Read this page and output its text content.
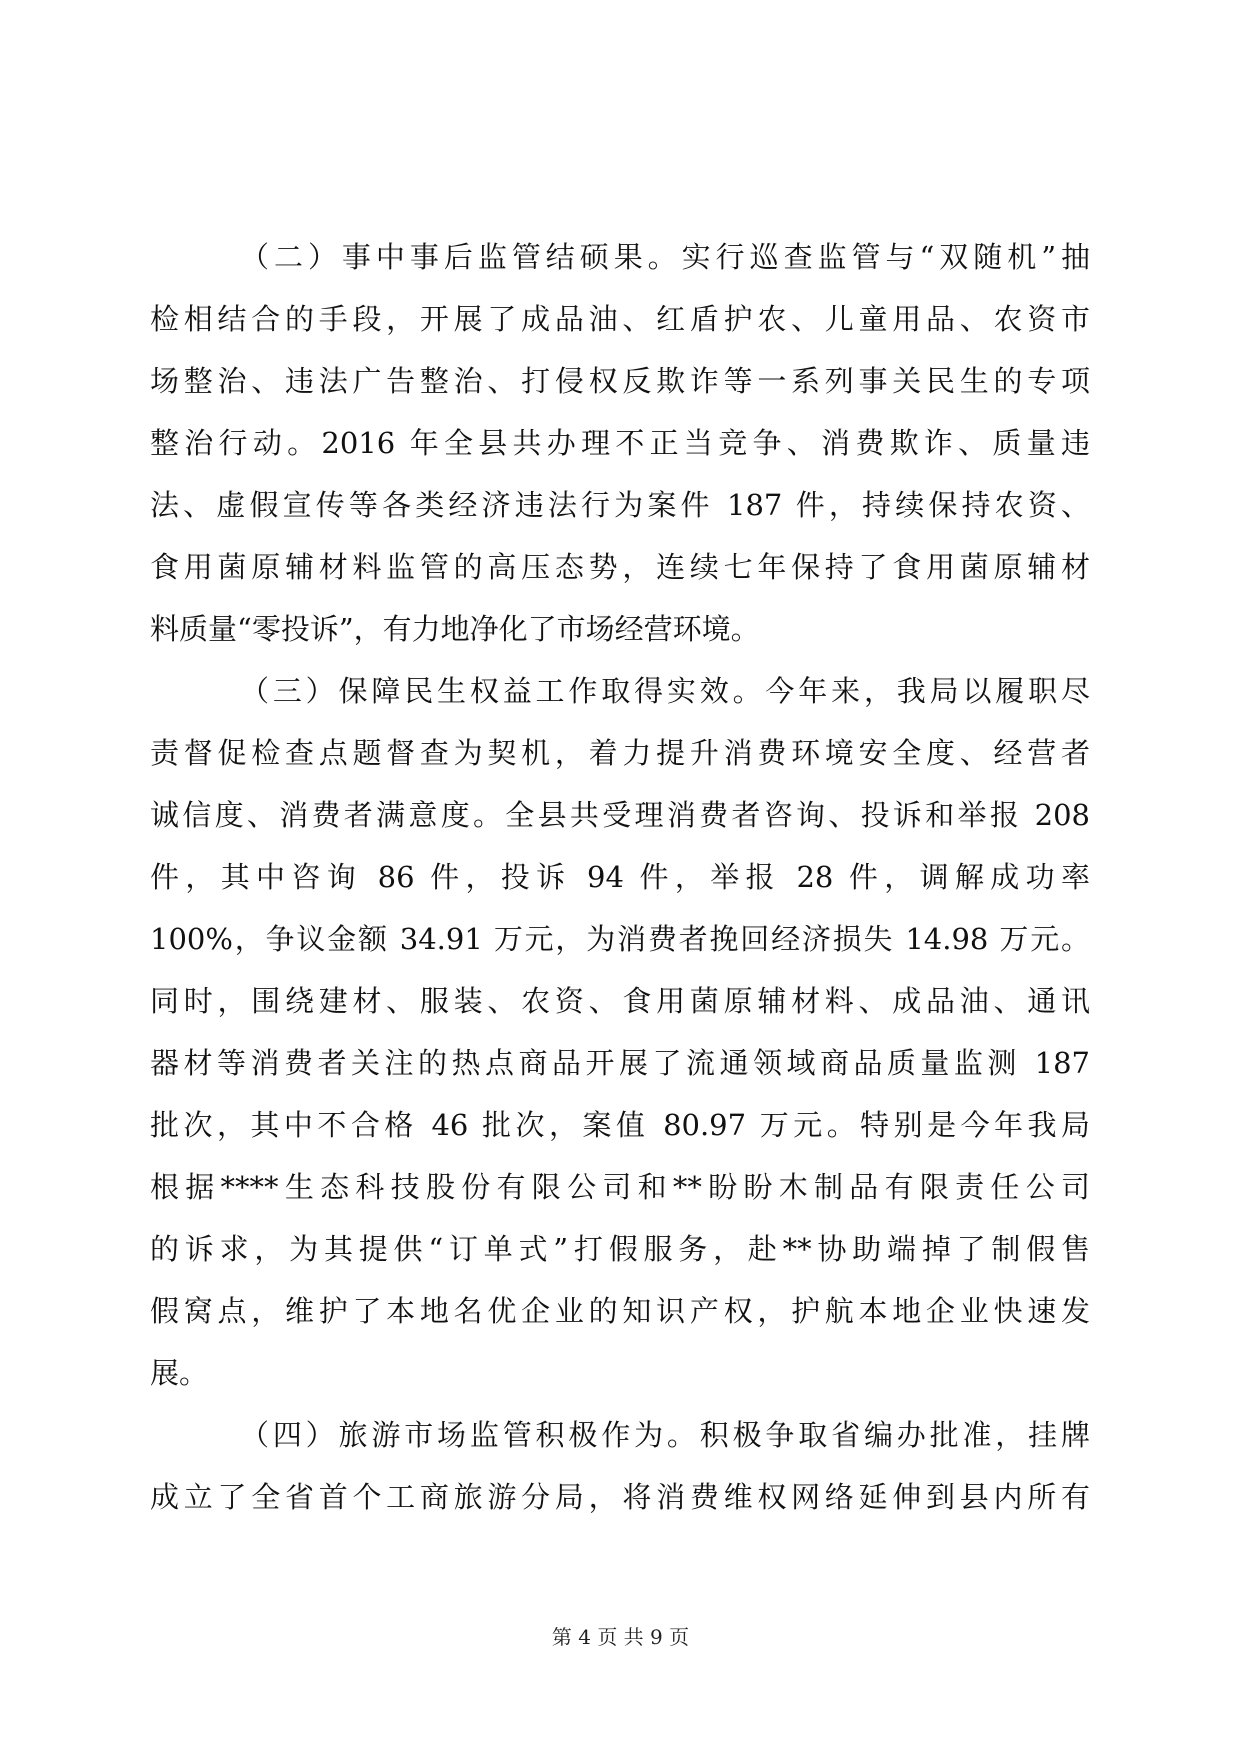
（二）事中事后监管结硕果。实行巡查监管与“双随机”抽
检相结合的手段，开展了成品油、红盾护农、儿童用品、农资市
场整治、违法广告整治、打侵权反欺诈等一系列事关民生的专项
整治行动。2016 年全县共办理不正当竞争、消费欺诈、质量违
法、虚假宣传等各类经济违法行为案件 187 件，持续保持农资、
食用菌原辅材料监管的高压态势，连续七年保持了食用菌原辅材
料质量“零投诉”，有力地净化了市场经营环境。
（三）保障民生权益工作取得实效。今年来，我局以履职尽
责督促检查点题督查为契机，着力提升消费环境安全度、经营者
诚信度、消费者满意度。全县共受理消费者咨询、投诉和举报 208
件，其中咨询 86 件，投诉 94 件，举报 28 件，调解成功率
100%，争议金额 34.91 万元，为消费者挽回经济损失 14.98 万元。
同时，围绕建材、服装、农资、食用菌原辅材料、成品油、通讯
器材等消费者关注的热点商品开展了流通领域商品质量监测 187
批次，其中不合格 46 批次，案值 80.97 万元。特别是今年我局
根据****生态科技股份有限公司和**盼盼木制品有限责任公司
的诉求，为其提供“订单式”打假服务，赴**协助端掉了制假售
假窝点，维护了本地名优企业的知识产权，护航本地企业快速发
展。
（四）旅游市场监管积极作为。积极争取省编办批准，挂牌
成立了全省首个工商旅游分局，将消费维权网络延伸到县内所有
第 4 页 共 9 页
